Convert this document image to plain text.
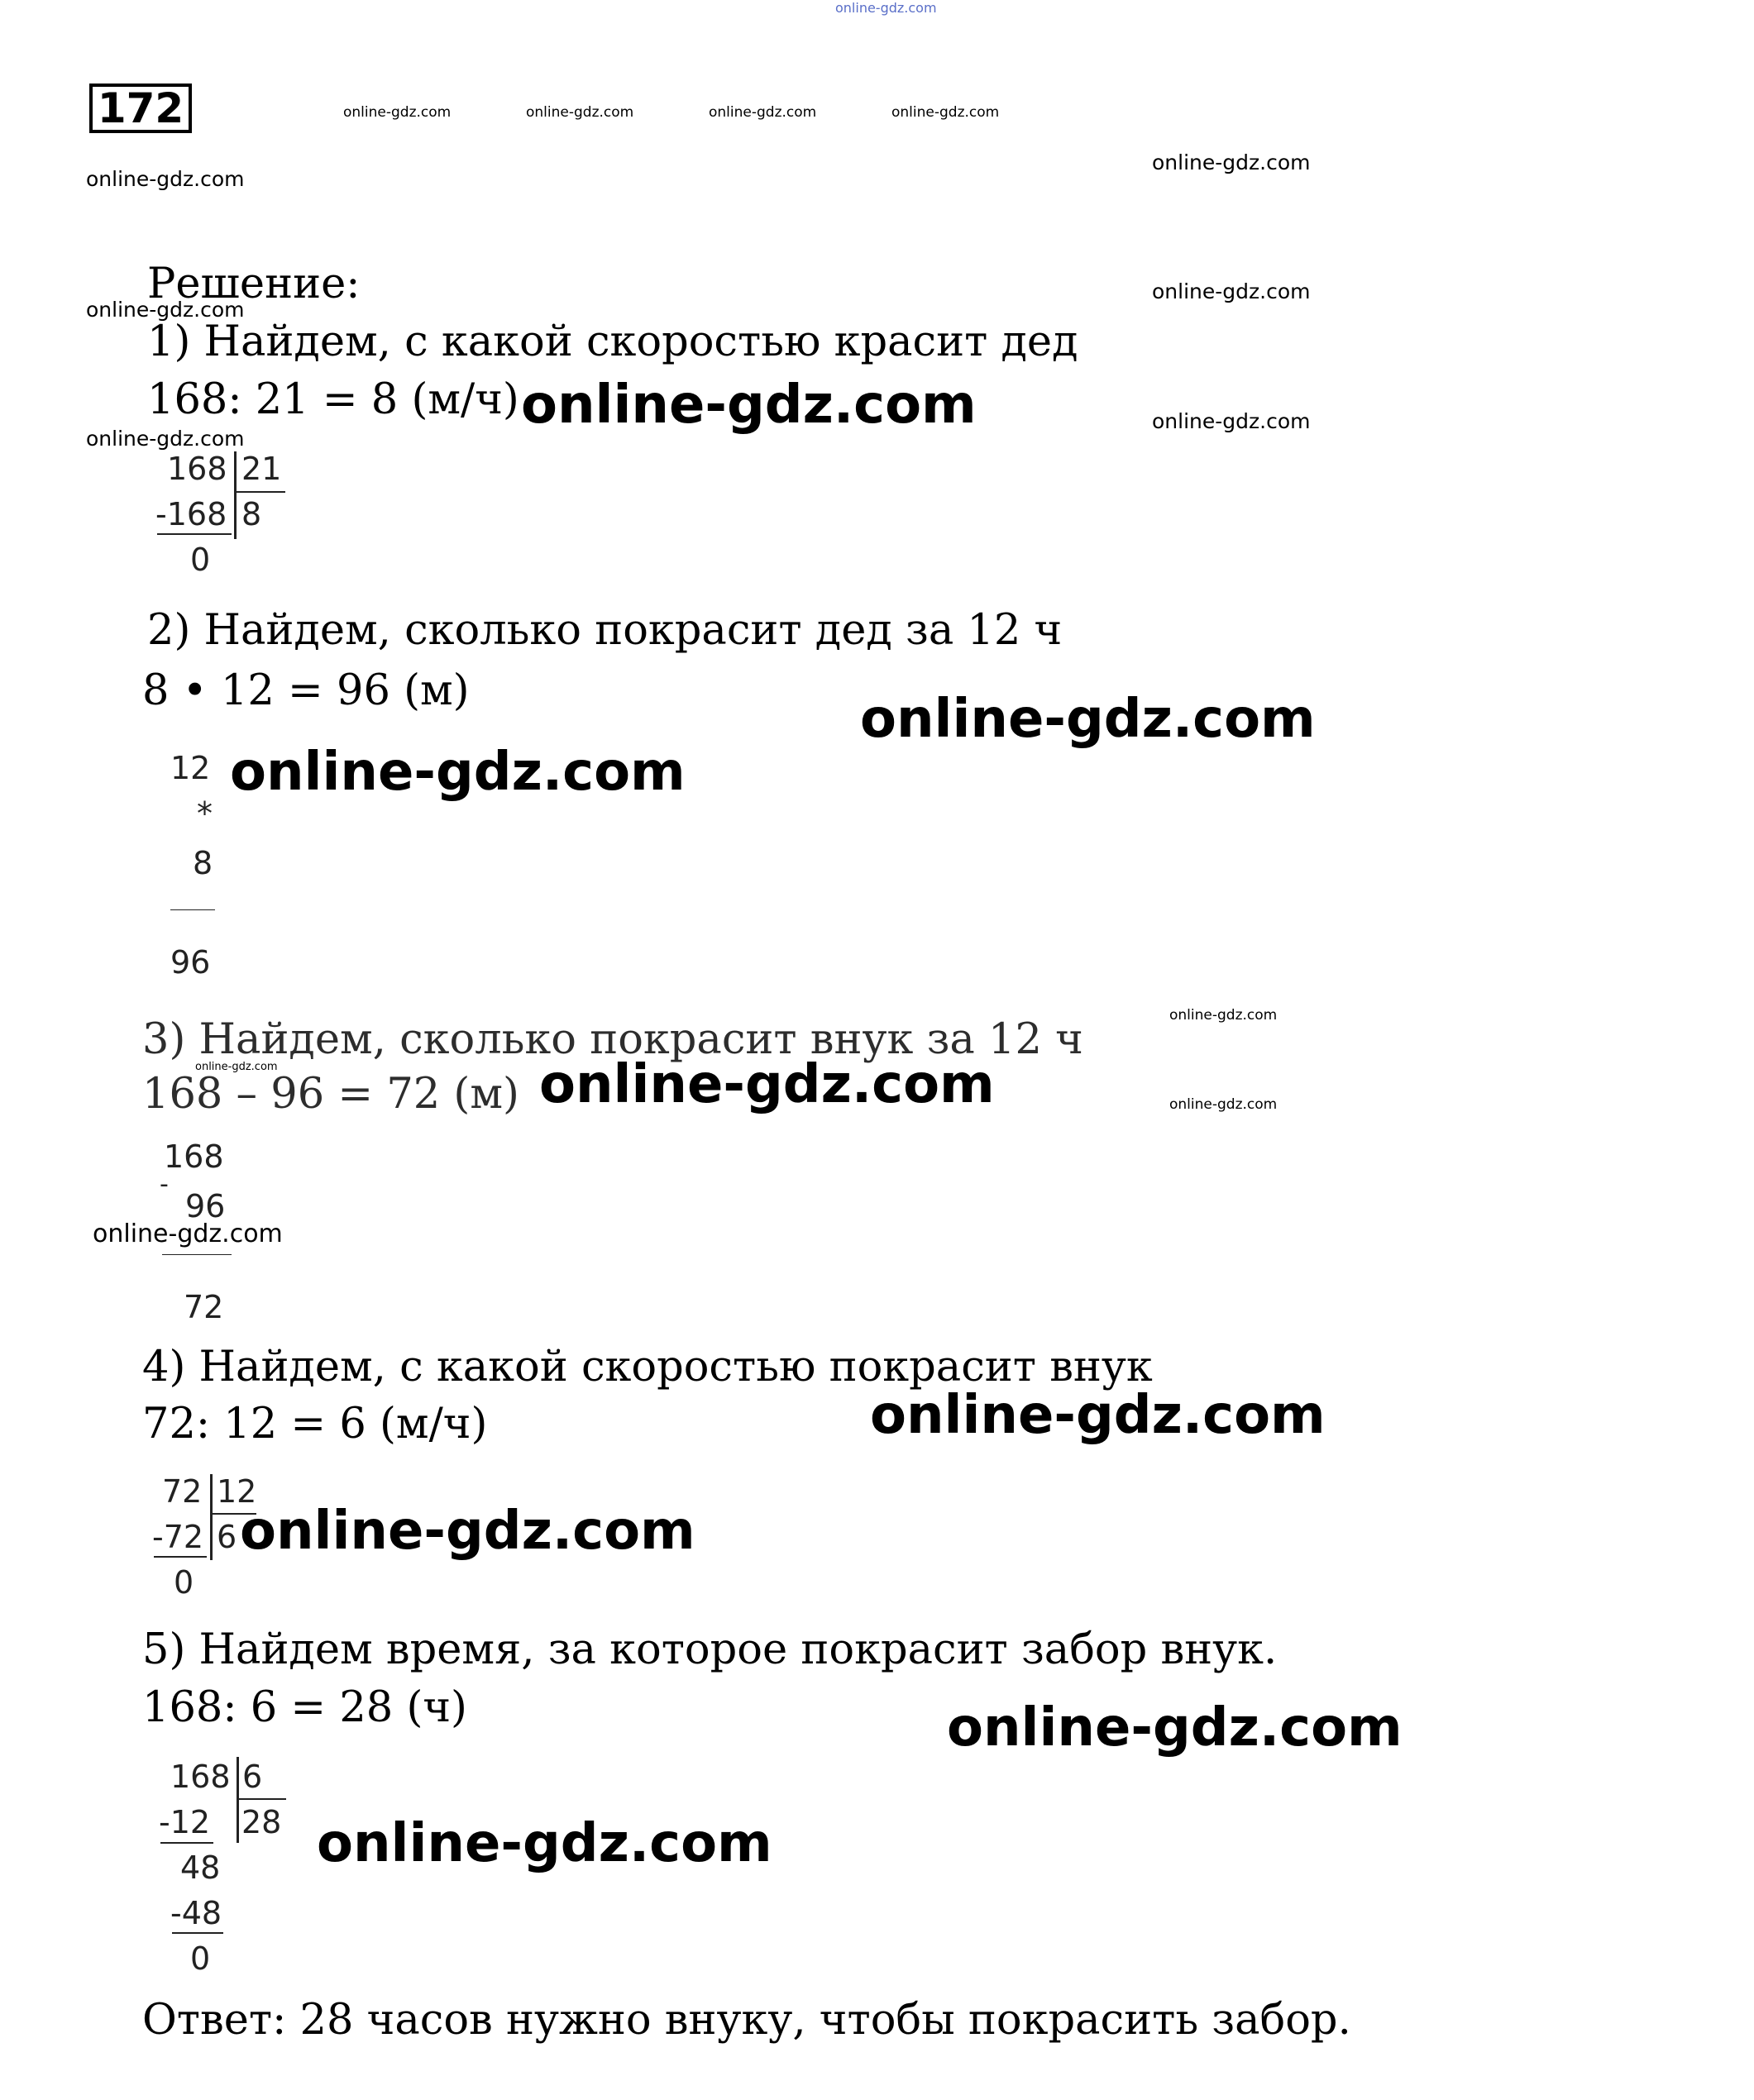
172
Решение:
1) Найдем, с какой скоростью красит дед
168: 21 = 8 (м/ч)
168 21
-168 8
0
2) Найдем, сколько покрасит дед за 12 ч
8 • 12 = 96 (м)
12
*
8
96
3) Найдем, сколько покрасит внук за 12 ч
168 – 96 = 72 (м)
168
-
96
72
4) Найдем, с какой скоростью покрасит внук
72: 12 = 6 (м/ч)
72 12
-72 6
0
5) Найдем время, за которое покрасит забор внук.
168: 6 = 28 (ч)
168 6
-12 28
48
-48
0
Ответ: 28 часов нужно внуку, чтобы покрасить забор.
online-gdz.com
online-gdz.com	online-gdz.com	online-gdz.com	online-gdz.com
online-gdz.com
online-gdz.com
online-gdz.com
online-gdz.com
online-gdz.com
online-gdz.com
online-gdz.com
online-gdz.com
online-gdz.com
online-gdz.com
online-gdz.com	online-gdz.com	online-gdz.com
online-gdz.com
online-gdz.com
online-gdz.com
online-gdz.com
online-gdz.com
